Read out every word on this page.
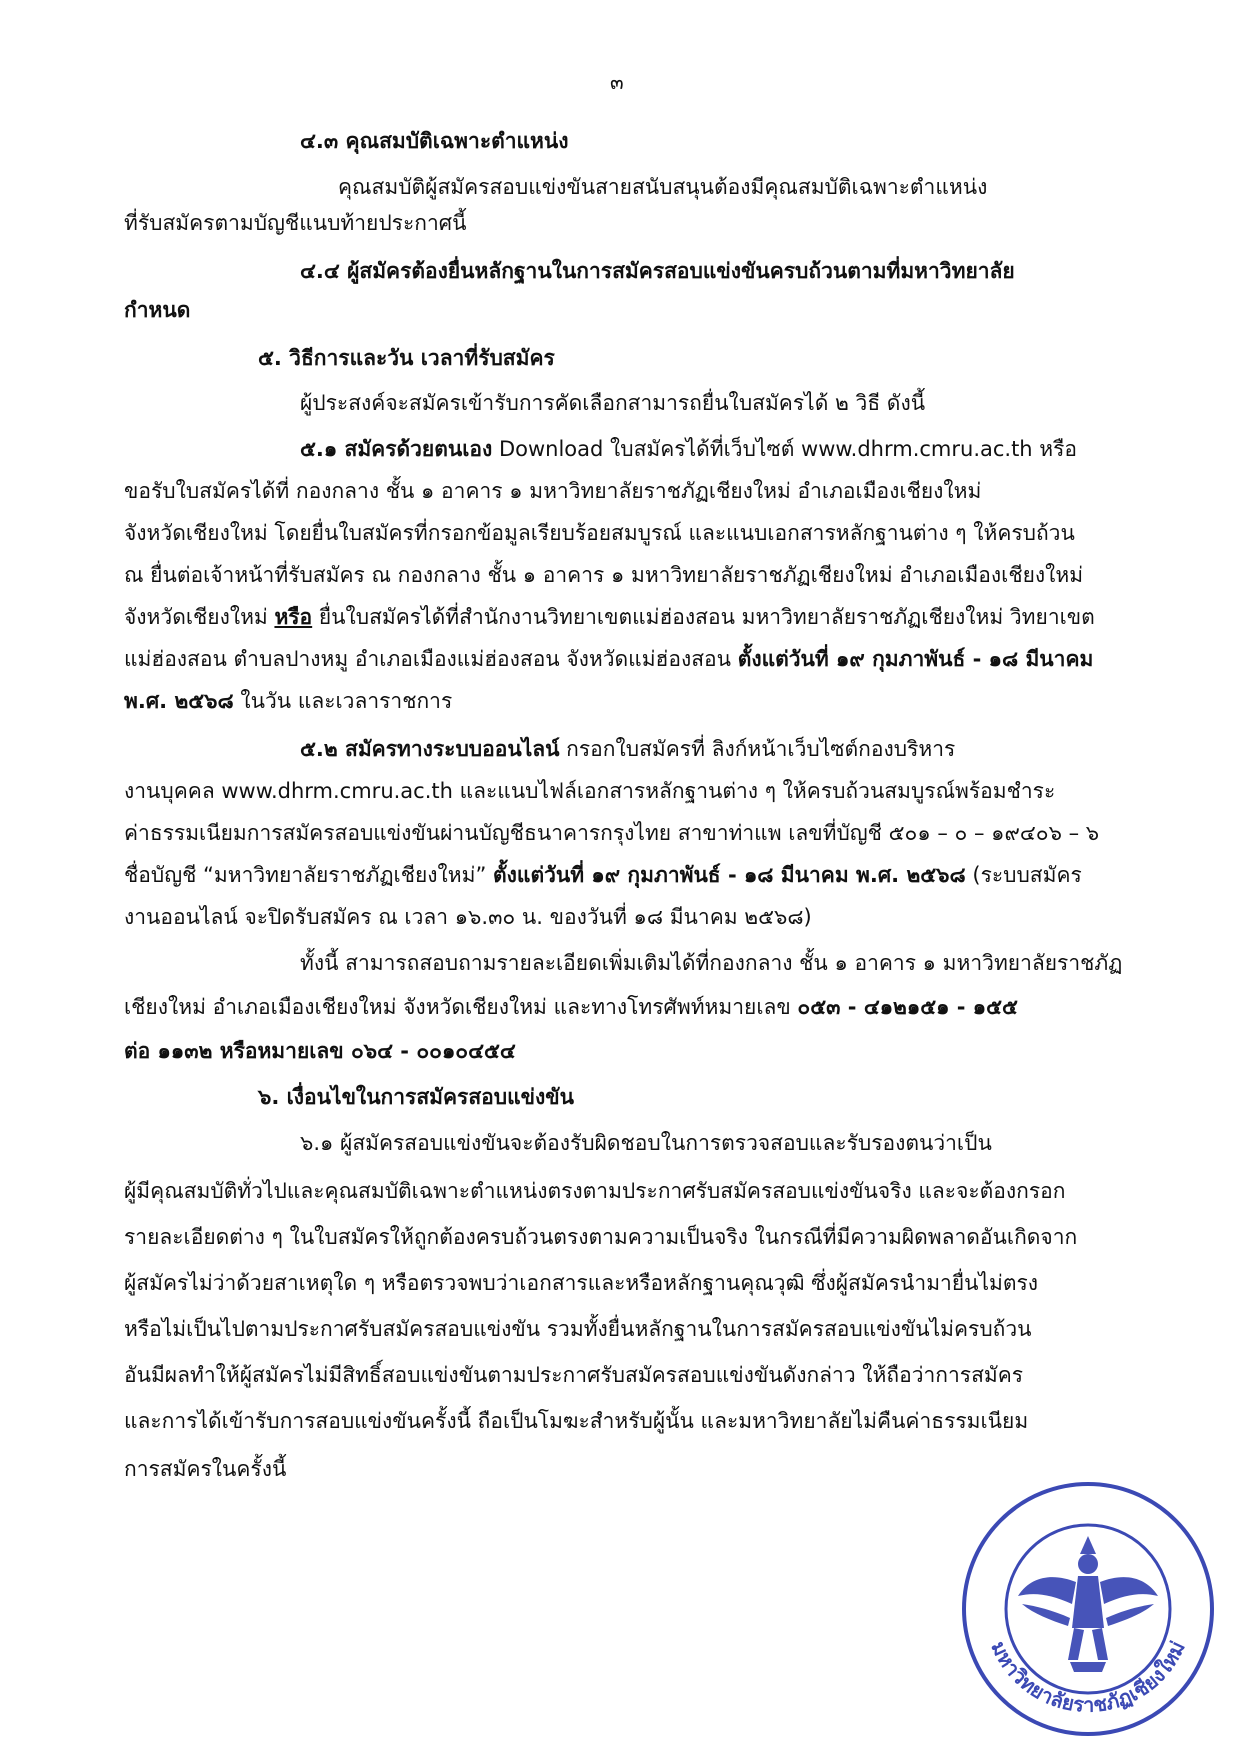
๓

๔.๓ คุณสมบัติเฉพาะตำแหน่ง

คุณสมบัติผู้สมัครสอบแข่งขันสายสนับสนุนต้องมีคุณสมบัติเฉพาะตำแหน่ง

ที่รับสมัครตามบัญชีแนบท้ายประกาศนี้

๔.๔ ผู้สมัครต้องยื่นหลักฐานในการสมัครสอบแข่งขันครบถ้วนตามที่มหาวิทยาลัย

กำหนด

๕. วิธีการและวัน เวลาที่รับสมัคร

ผู้ประสงค์จะสมัครเข้ารับการคัดเลือกสามารถยื่นใบสมัครได้ ๒ วิธี ดังนี้

๕.๑ สมัครด้วยตนเอง Download ใบสมัครได้ที่เว็บไซต์ www.dhrm.cmru.ac.th หรือ

ขอรับใบสมัครได้ที่ กองกลาง ชั้น ๑ อาคาร ๑ มหาวิทยาลัยราชภัฏเชียงใหม่ อำเภอเมืองเชียงใหม่

จังหวัดเชียงใหม่ โดยยื่นใบสมัครที่กรอกข้อมูลเรียบร้อยสมบูรณ์ และแนบเอกสารหลักฐานต่าง ๆ ให้ครบถ้วน

ณ ยื่นต่อเจ้าหน้าที่รับสมัคร ณ กองกลาง ชั้น ๑ อาคาร ๑ มหาวิทยาลัยราชภัฏเชียงใหม่ อำเภอเมืองเชียงใหม่

จังหวัดเชียงใหม่ หรือ ยื่นใบสมัครได้ที่สำนักงานวิทยาเขตแม่ฮ่องสอน มหาวิทยาลัยราชภัฏเชียงใหม่ วิทยาเขต

แม่ฮ่องสอน ตำบลปางหมู อำเภอเมืองแม่ฮ่องสอน จังหวัดแม่ฮ่องสอน ตั้งแต่วันที่ ๑๙ กุมภาพันธ์ - ๑๘ มีนาคม

พ.ศ. ๒๕๖๘ ในวัน และเวลาราชการ

๕.๒ สมัครทางระบบออนไลน์ กรอกใบสมัครที่ ลิงก์หน้าเว็บไซต์กองบริหาร

งานบุคคล www.dhrm.cmru.ac.th และแนบไฟล์เอกสารหลักฐานต่าง ๆ ให้ครบถ้วนสมบูรณ์พร้อมชำระ

ค่าธรรมเนียมการสมัครสอบแข่งขันผ่านบัญชีธนาคารกรุงไทย สาขาท่าแพ เลขที่บัญชี ๕๐๑ – ๐ – ๑๙๔๐๖ – ๖

ชื่อบัญชี “มหาวิทยาลัยราชภัฏเชียงใหม่” ตั้งแต่วันที่ ๑๙ กุมภาพันธ์ - ๑๘ มีนาคม พ.ศ. ๒๕๖๘ (ระบบสมัคร

งานออนไลน์ จะปิดรับสมัคร ณ เวลา ๑๖.๓๐ น. ของวันที่ ๑๘ มีนาคม ๒๕๖๘)

ทั้งนี้ สามารถสอบถามรายละเอียดเพิ่มเติมได้ที่กองกลาง ชั้น ๑ อาคาร ๑ มหาวิทยาลัยราชภัฏ

เชียงใหม่ อำเภอเมืองเชียงใหม่ จังหวัดเชียงใหม่ และทางโทรศัพท์หมายเลข ๐๕๓ - ๔๑๒๑๕๑ - ๑๕๕

ต่อ ๑๑๓๒ หรือหมายเลข ๐๖๔ - ๐๐๑๐๔๕๔

๖. เงื่อนไขในการสมัครสอบแข่งขัน

๖.๑ ผู้สมัครสอบแข่งขันจะต้องรับผิดชอบในการตรวจสอบและรับรองตนว่าเป็น

ผู้มีคุณสมบัติทั่วไปและคุณสมบัติเฉพาะตำแหน่งตรงตามประกาศรับสมัครสอบแข่งขันจริง และจะต้องกรอก

รายละเอียดต่าง ๆ ในใบสมัครให้ถูกต้องครบถ้วนตรงตามความเป็นจริง ในกรณีที่มีความผิดพลาดอันเกิดจาก

ผู้สมัครไม่ว่าด้วยสาเหตุใด ๆ หรือตรวจพบว่าเอกสารและหรือหลักฐานคุณวุฒิ ซึ่งผู้สมัครนำมายื่นไม่ตรง

หรือไม่เป็นไปตามประกาศรับสมัครสอบแข่งขัน รวมทั้งยื่นหลักฐานในการสมัครสอบแข่งขันไม่ครบถ้วน

อันมีผลทำให้ผู้สมัครไม่มีสิทธิ์สอบแข่งขันตามประกาศรับสมัครสอบแข่งขันดังกล่าว ให้ถือว่าการสมัคร

และการได้เข้ารับการสอบแข่งขันครั้งนี้ ถือเป็นโมฆะสำหรับผู้นั้น และมหาวิทยาลัยไม่คืนค่าธรรมเนียม

การสมัครในครั้งนี้

มหาวิทยาลัยราชภัฏเชียงใหม่
